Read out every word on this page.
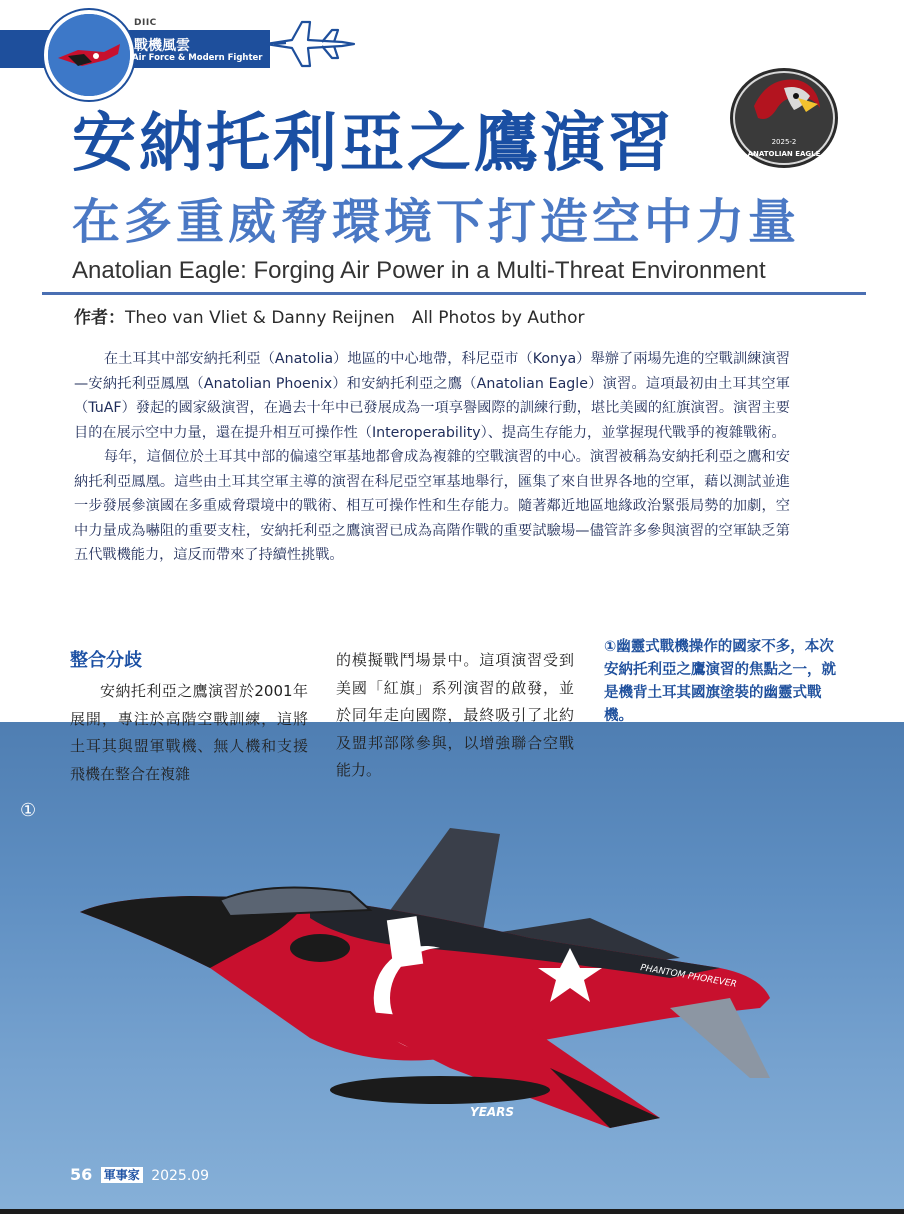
DIIC
戰機風雲
Air Force & Modern Fighter
2025-2
ANATOLIAN EAGLE
安納托利亞之鷹演習
在多重威脅環境下打造空中力量
Anatolian Eagle: Forging Air Power in a Multi-Threat Environment
作者：Theo van Vliet & Danny Reijnen　All Photos by Author

在土耳其中部安納托利亞（Anatolia）地區的中心地帶，科尼亞市（Konya）舉辦了兩場先進的空戰訓練演習—安納托利亞鳳凰（Anatolian Phoenix）和安納托利亞之鷹（Anatolian Eagle）演習。這項最初由土耳其空軍（TuAF）發起的國家級演習，在過去十年中已發展成為一項享譽國際的訓練行動，堪比美國的紅旗演習。演習主要目的在展示空中力量，還在提升相互可操作性（Interoperability）、提高生存能力，並掌握現代戰爭的複雜戰術。

每年，這個位於土耳其中部的偏遠空軍基地都會成為複雜的空戰演習的中心。演習被稱為安納托利亞之鷹和安納托利亞鳳凰。這些由土耳其空軍主導的演習在科尼亞空軍基地舉行，匯集了來自世界各地的空軍，藉以測試並進一步發展參演國在多重威脅環境中的戰術、相互可操作性和生存能力。隨著鄰近地區地緣政治緊張局勢的加劇，空中力量成為嚇阻的重要支柱，安納托利亞之鷹演習已成為高階作戰的重要試驗場—儘管許多參與演習的空軍缺乏第五代戰機能力，這反而帶來了持續性挑戰。

YEARS
PHANTOM PHOREVER
整合分歧

安納托利亞之鷹演習於2001年展開，專注於高階空戰訓練，這將土耳其與盟軍戰機、無人機和支援飛機在整合在複雜

的模擬戰鬥場景中。這項演習受到美國「紅旗」系列演習的啟發，並於同年走向國際，最終吸引了北約及盟邦部隊參與，以增強聯合空戰能力。

①幽靈式戰機操作的國家不多，本次安納托利亞之鷹演習的焦點之一，就是機背土耳其國旗塗裝的幽靈式戰機。
①
56 軍事家 2025.09
